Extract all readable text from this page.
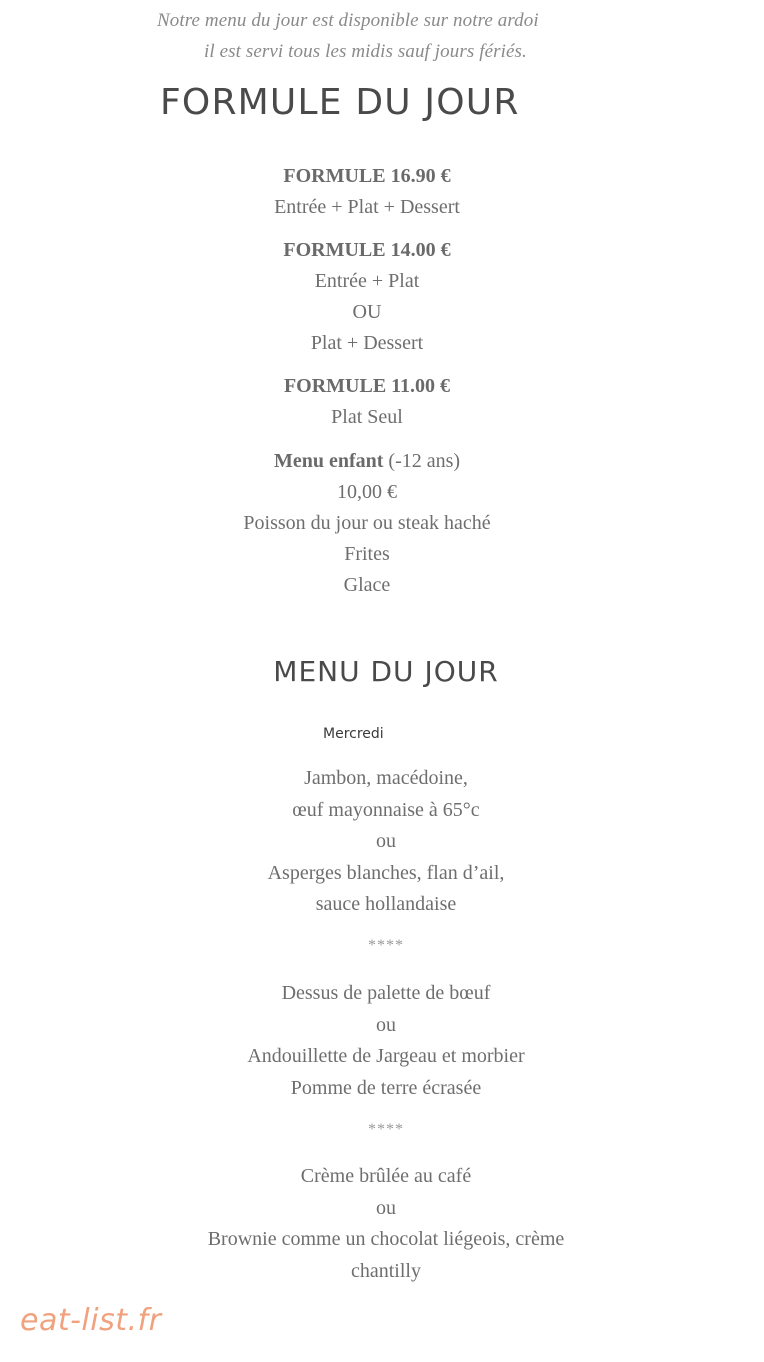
Notre menu du jour est disponible sur notre ardoi
il est servi tous les midis sauf jours fériés.
FORMULE DU JOUR
FORMULE 16.90 €
Entrée + Plat + Dessert
FORMULE 14.00 €
Entrée + Plat
OU
Plat + Dessert
FORMULE 11.00 €
Plat Seul
Menu enfant (-12 ans)
10,00 €
Poisson du jour ou steak haché
Frites
Glace
MENU DU JOUR
Mercredi
Jambon, macédoine,
œuf mayonnaise à 65°c
ou
Asperges blanches, flan d’ail,
sauce hollandaise
****
Dessus de palette de bœuf
ou
Andouillette de Jargeau et morbier
Pomme de terre écrasée
****
Crème brûlée au café
ou
Brownie comme un chocolat liégeois, crème
chantilly
eat-list.fr
